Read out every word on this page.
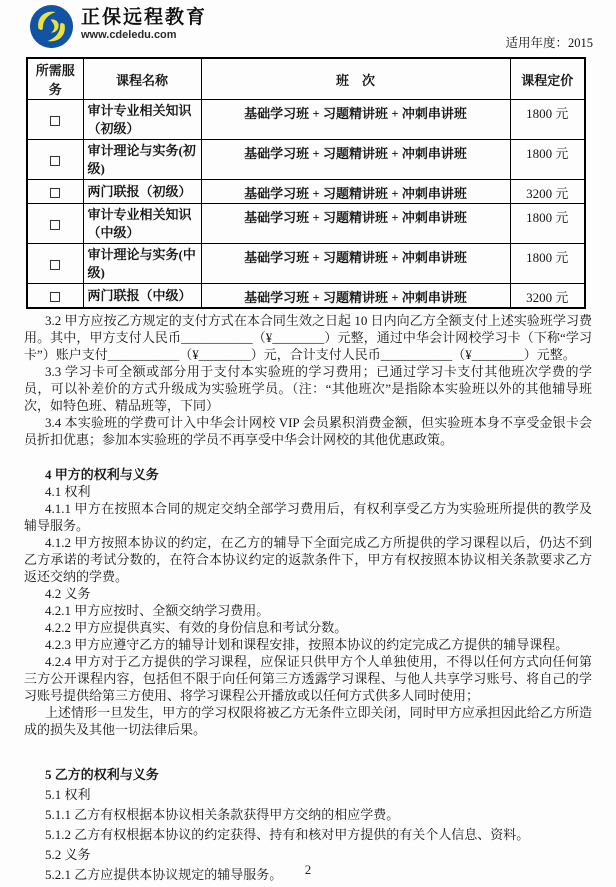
正保远程教育
www.cdeledu.com
适用年度：2015
所需服务	课程名称	班　次	课程定价
	审计专业相关知识（初级）	基础学习班 + 习题精讲班 + 冲刺串讲班	1800 元
	审计理论与实务(初级)	基础学习班 + 习题精讲班 + 冲刺串讲班	1800 元
	两门联报（初级）	基础学习班 + 习题精讲班 + 冲刺串讲班	3200 元
	审计专业相关知识（中级）	基础学习班 + 习题精讲班 + 冲刺串讲班	1800 元
	审计理论与实务(中级)	基础学习班 + 习题精讲班 + 冲刺串讲班	1800 元
	两门联报（中级）	基础学习班 + 习题精讲班 + 冲刺串讲班	3200 元

3.2 甲方应按乙方规定的支付方式在本合同生效之日起 10 日内向乙方全额支付上述实验班学习费用。其中，甲方支付人民币___________（¥________）元整，通过中华会计网校学习卡（下称“学习卡”）账户支付___________（¥________）元，合计支付人民币___________（¥________）元整。

3.3 学习卡可全额或部分用于支付本实验班的学习费用；已通过学习卡支付其他班次学费的学员，可以补差价的方式升级成为实验班学员。（注：“其他班次”是指除本实验班以外的其他辅导班次，如特色班、精品班等，下同）

3.4 本实验班的学费可计入中华会计网校 VIP 会员累积消费金额，但实验班本身不享受金银卡会员折扣优惠；参加本实验班的学员不再享受中华会计网校的其他优惠政策。

4 甲方的权利与义务

4.1 权利

4.1.1 甲方在按照本合同的规定交纳全部学习费用后，有权利享受乙方为实验班所提供的教学及辅导服务。

4.1.2 甲方按照本协议的约定，在乙方的辅导下全面完成乙方所提供的学习课程以后，仍达不到乙方承诺的考试分数的，在符合本协议约定的返款条件下，甲方有权按照本协议相关条款要求乙方返还交纳的学费。

4.2 义务

4.2.1 甲方应按时、全额交纳学习费用。

4.2.2 甲方应提供真实、有效的身份信息和考试分数。

4.2.3 甲方应遵守乙方的辅导计划和课程安排，按照本协议的约定完成乙方提供的辅导课程。

4.2.4 甲方对于乙方提供的学习课程，应保证只供甲方个人单独使用，不得以任何方式向任何第三方公开课程内容，包括但不限于向任何第三方透露学习课程、与他人共享学习账号、将自己的学习账号提供给第三方使用、将学习课程公开播放或以任何方式供多人同时使用；

上述情形一旦发生，甲方的学习权限将被乙方无条件立即关闭，同时甲方应承担因此给乙方所造成的损失及其他一切法律后果。

5 乙方的权利与义务

5.1 权利

5.1.1 乙方有权根据本协议相关条款获得甲方交纳的相应学费。

5.1.2 乙方有权根据本协议的约定获得、持有和核对甲方提供的有关个人信息、资料。

5.2 义务

5.2.1 乙方应提供本协议规定的辅导服务。	2
